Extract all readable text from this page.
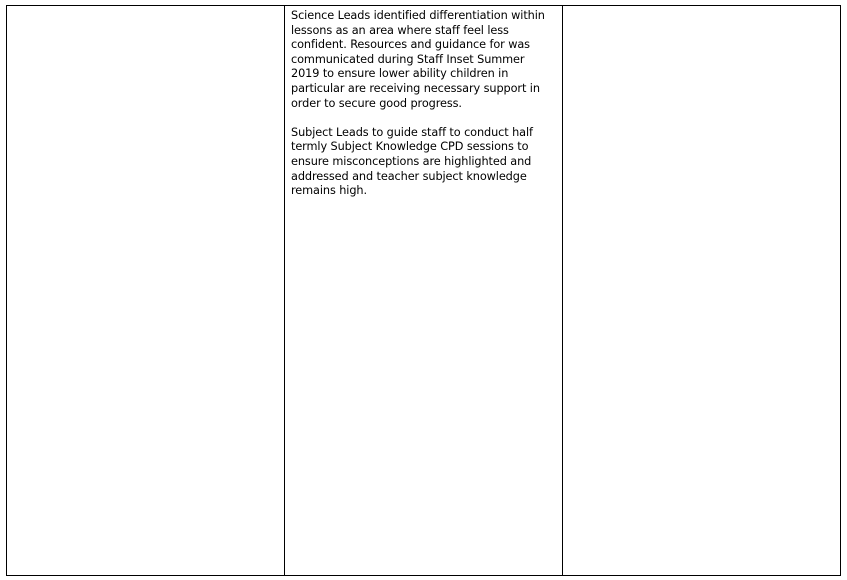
Science Leads identified differentiation within lessons as an area where staff feel less confident. Resources and guidance for was communicated during Staff Inset Summer 2019 to ensure lower ability children in particular are receiving necessary support in order to secure good progress.

Subject Leads to guide staff to conduct half termly Subject Knowledge CPD sessions to ensure misconceptions are highlighted and addressed and teacher subject knowledge remains high.
